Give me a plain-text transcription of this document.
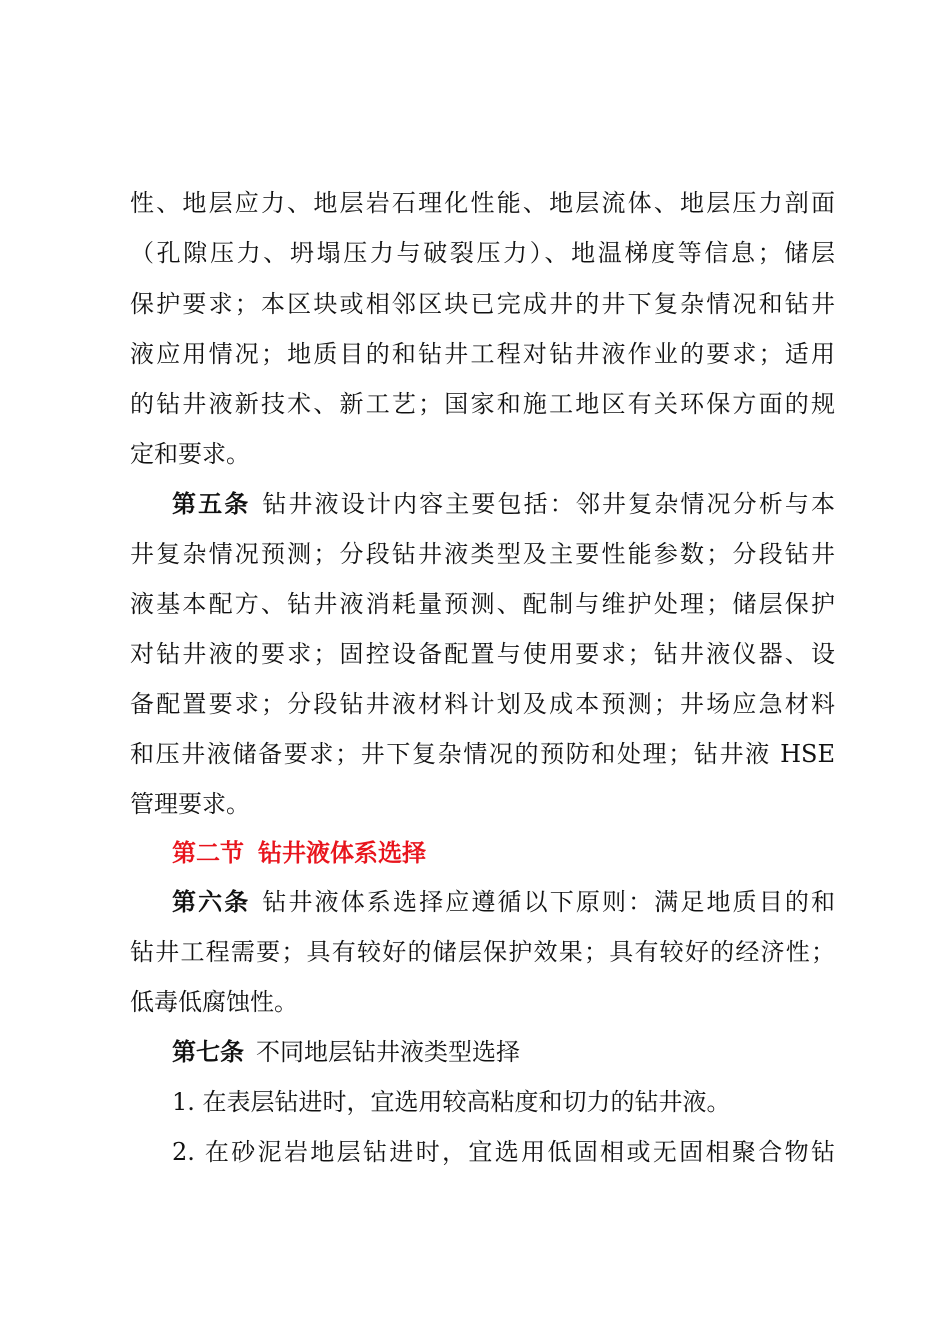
性、地层应力、地层岩石理化性能、地层流体、地层压力剖面
（孔隙压力、坍塌压力与破裂压力）、地温梯度等信息；储层
保护要求；本区块或相邻区块已完成井的井下复杂情况和钻井
液应用情况；地质目的和钻井工程对钻井液作业的要求；适用
的钻井液新技术、新工艺；国家和施工地区有关环保方面的规
定和要求。
第五条 钻井液设计内容主要包括：邻井复杂情况分析与本
井复杂情况预测；分段钻井液类型及主要性能参数；分段钻井
液基本配方、钻井液消耗量预测、配制与维护处理；储层保护
对钻井液的要求；固控设备配置与使用要求；钻井液仪器、设
备配置要求；分段钻井液材料计划及成本预测；井场应急材料
和压井液储备要求；井下复杂情况的预防和处理；钻井液 HSE
管理要求。
第二节 钻井液体系选择
第六条 钻井液体系选择应遵循以下原则：满足地质目的和
钻井工程需要；具有较好的储层保护效果；具有较好的经济性；
低毒低腐蚀性。
第七条 不同地层钻井液类型选择
1. 在表层钻进时，宜选用较高粘度和切力的钻井液。
2. 在砂泥岩地层钻进时，宜选用低固相或无固相聚合物钻
